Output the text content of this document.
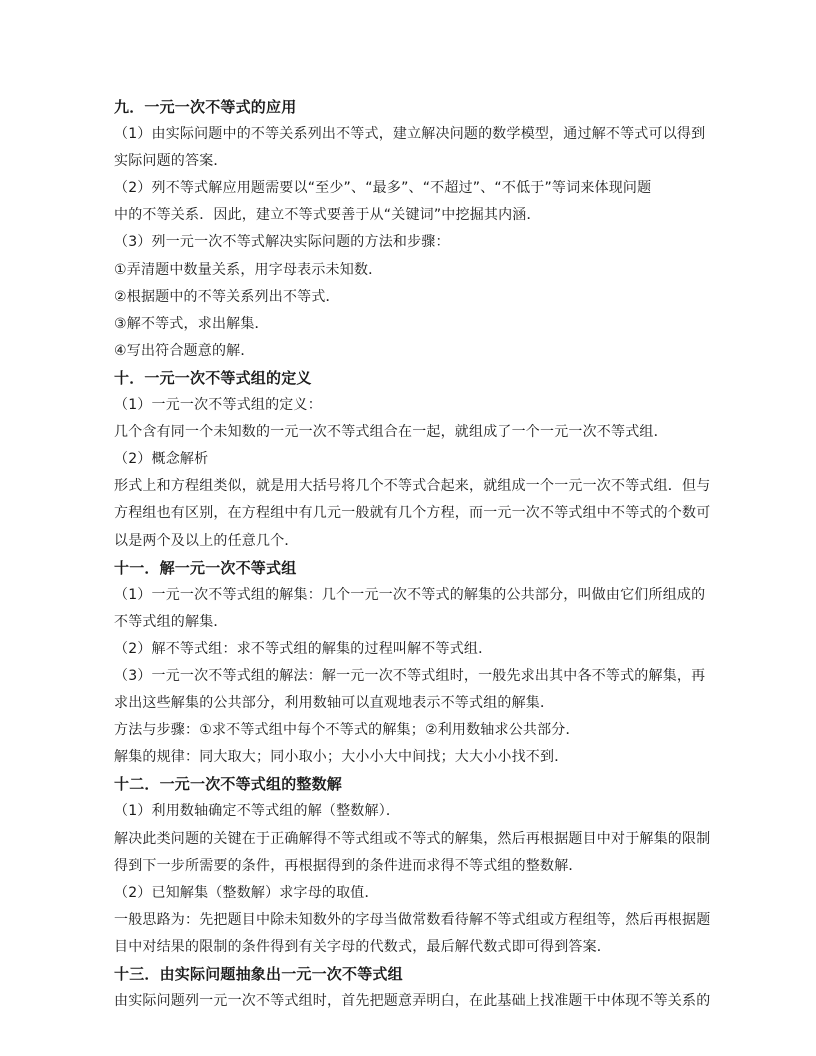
九．一元一次不等式的应用
（1）由实际问题中的不等关系列出不等式，建立解决问题的数学模型，通过解不等式可以得到
实际问题的答案．
（2）列不等式解应用题需要以“至少”、“最多”、“不超过”、“不低于”等词来体现问题
中的不等关系．因此，建立不等式要善于从“关键词”中挖掘其内涵．
（3）列一元一次不等式解决实际问题的方法和步骤：
①弄清题中数量关系，用字母表示未知数．
②根据题中的不等关系列出不等式．
③解不等式，求出解集．
④写出符合题意的解．
十．一元一次不等式组的定义
（1）一元一次不等式组的定义：
几个含有同一个未知数的一元一次不等式组合在一起，就组成了一个一元一次不等式组．
（2）概念解析
形式上和方程组类似，就是用大括号将几个不等式合起来，就组成一个一元一次不等式组．但与
方程组也有区别，在方程组中有几元一般就有几个方程，而一元一次不等式组中不等式的个数可
以是两个及以上的任意几个．
十一．解一元一次不等式组
（1）一元一次不等式组的解集：几个一元一次不等式的解集的公共部分，叫做由它们所组成的
不等式组的解集．
（2）解不等式组：求不等式组的解集的过程叫解不等式组．
（3）一元一次不等式组的解法：解一元一次不等式组时，一般先求出其中各不等式的解集，再
求出这些解集的公共部分，利用数轴可以直观地表示不等式组的解集．
方法与步骤：①求不等式组中每个不等式的解集；②利用数轴求公共部分．
解集的规律：同大取大；同小取小；大小小大中间找；大大小小找不到．
十二．一元一次不等式组的整数解
（1）利用数轴确定不等式组的解（整数解）．
解决此类问题的关键在于正确解得不等式组或不等式的解集，然后再根据题目中对于解集的限制
得到下一步所需要的条件，再根据得到的条件进而求得不等式组的整数解．
（2）已知解集（整数解）求字母的取值．
一般思路为：先把题目中除未知数外的字母当做常数看待解不等式组或方程组等，然后再根据题
目中对结果的限制的条件得到有关字母的代数式，最后解代数式即可得到答案．
十三．由实际问题抽象出一元一次不等式组
由实际问题列一元一次不等式组时，首先把题意弄明白，在此基础上找准题干中体现不等关系的
